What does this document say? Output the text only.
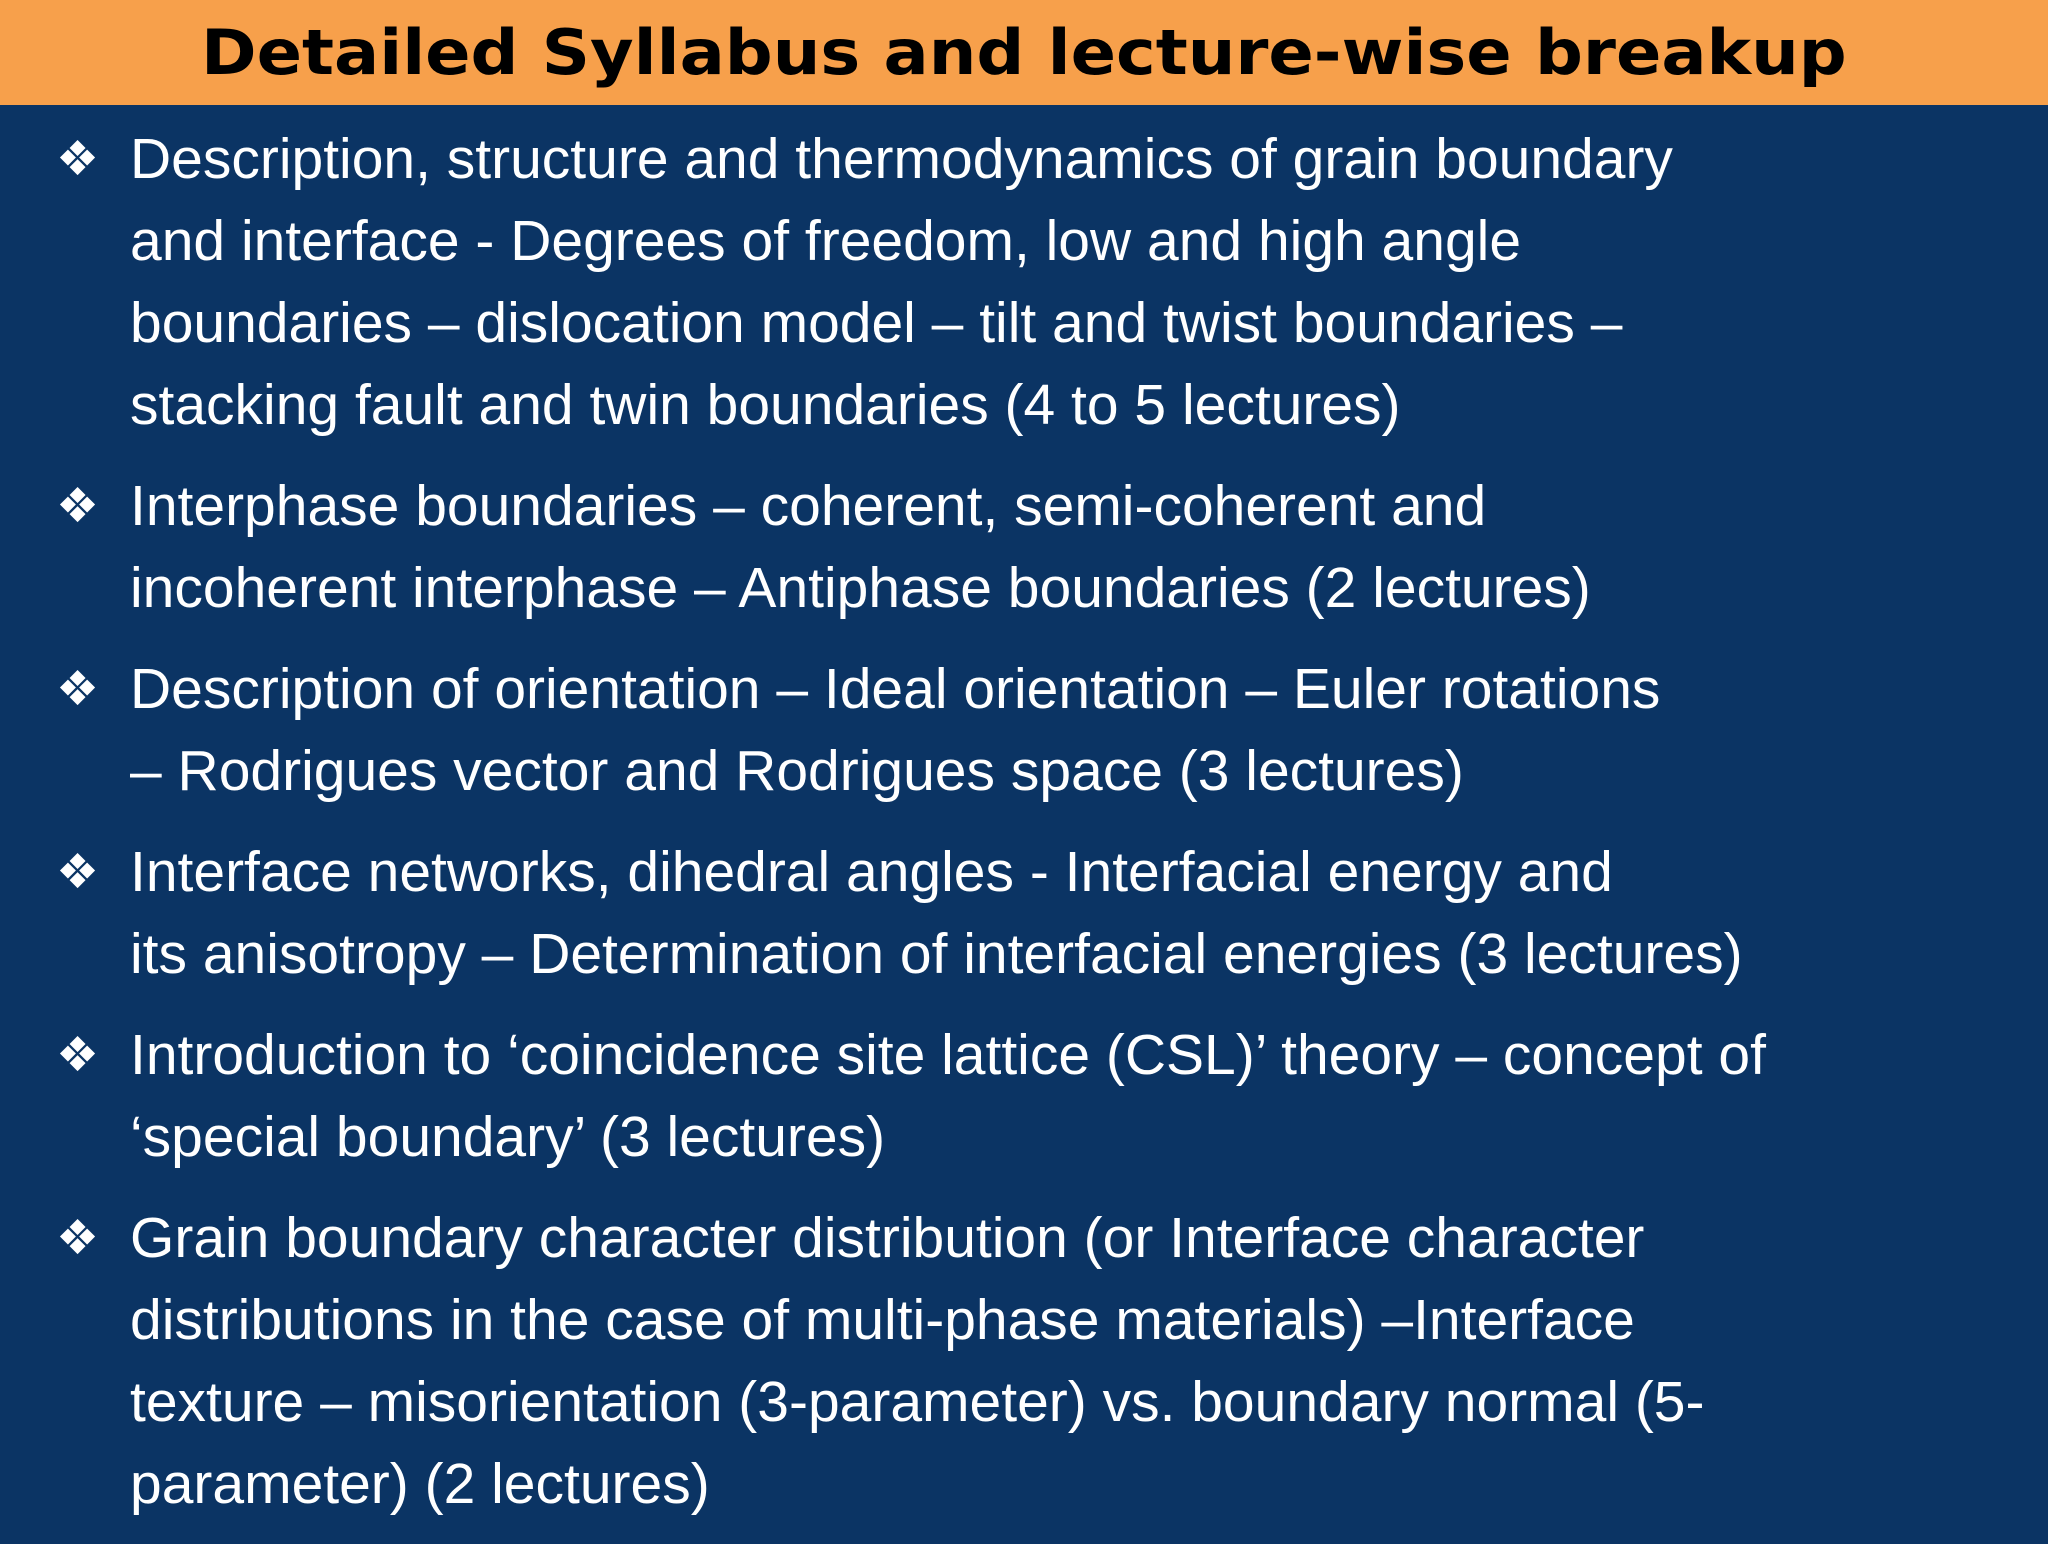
Detailed Syllabus and lecture-wise breakup
❖ Description, structure and thermodynamics of grain boundary
and interface - Degrees of freedom, low and high angle
boundaries – dislocation model – tilt and twist boundaries –
stacking fault and twin boundaries (4 to 5 lectures)
❖ Interphase boundaries – coherent, semi-coherent and
incoherent interphase – Antiphase boundaries (2 lectures)
❖ Description of orientation – Ideal orientation – Euler rotations
– Rodrigues vector and Rodrigues space (3 lectures)
❖ Interface networks, dihedral angles - Interfacial energy and
its anisotropy – Determination of interfacial energies (3 lectures)
❖ Introduction to ‘coincidence site lattice (CSL)’ theory – concept of
‘special boundary’ (3 lectures)
❖ Grain boundary character distribution (or Interface character
distributions in the case of multi-phase materials) –Interface
texture – misorientation (3-parameter) vs. boundary normal (5-
parameter) (2 lectures)
